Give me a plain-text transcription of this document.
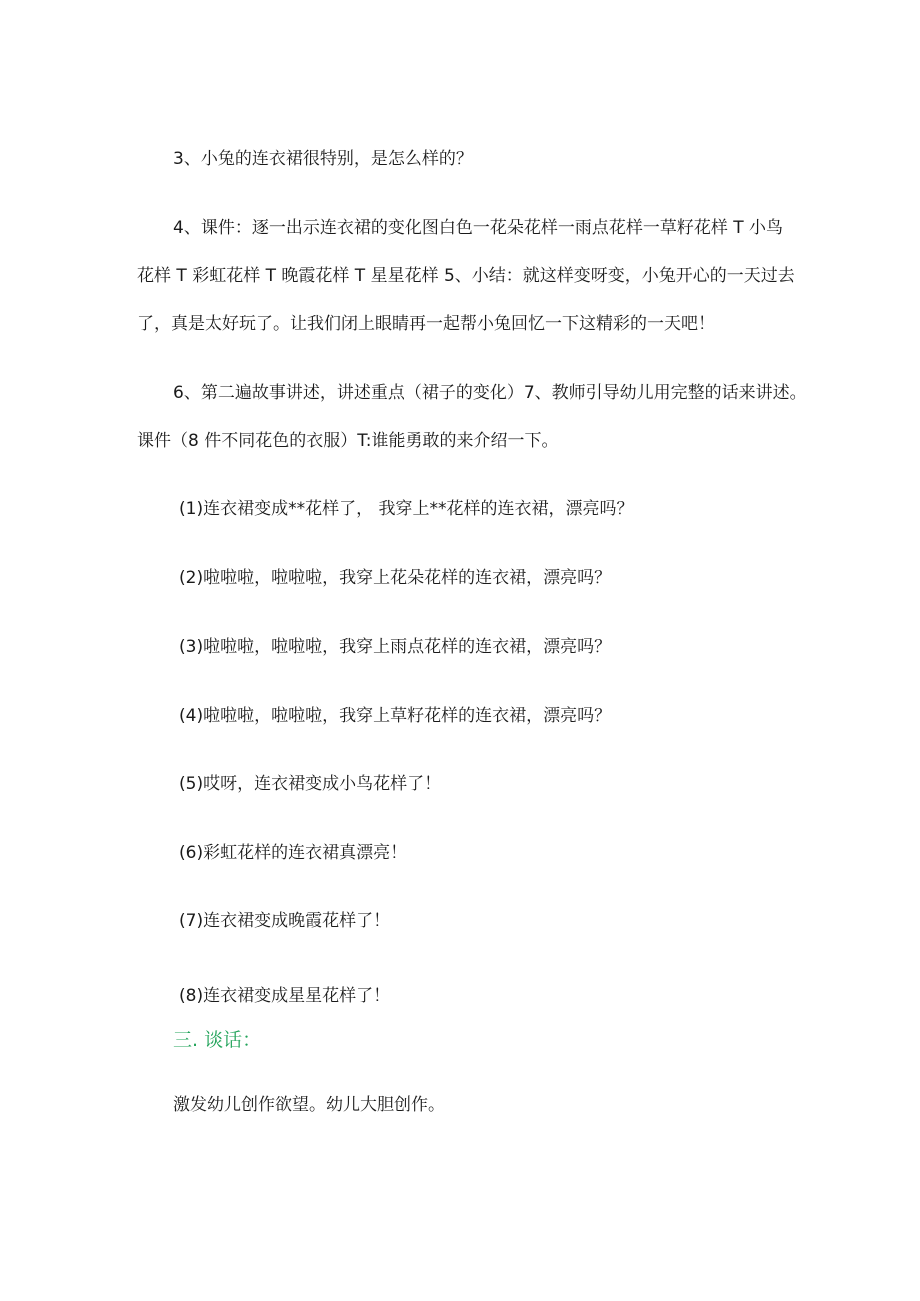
3、小兔的连衣裙很特别，是怎么样的？
4、课件：逐一出示连衣裙的变化图白色一花朵花样一雨点花样一草籽花样 T 小鸟
花样 T 彩虹花样 T 晚霞花样 T 星星花样 5、小结：就这样变呀变，小兔开心的一天过去
了，真是太好玩了。让我们闭上眼睛再一起帮小兔回忆一下这精彩的一天吧！
6、第二遍故事讲述，讲述重点（裙子的变化）7、教师引导幼儿用完整的话来讲述。
课件（8 件不同花色的衣服）T:谁能勇敢的来介绍一下。
(1)连衣裙变成**花样了， 我穿上**花样的连衣裙，漂亮吗？
(2)啦啦啦，啦啦啦，我穿上花朵花样的连衣裙，漂亮吗？
(3)啦啦啦，啦啦啦，我穿上雨点花样的连衣裙，漂亮吗？
(4)啦啦啦，啦啦啦，我穿上草籽花样的连衣裙，漂亮吗？
(5)哎呀，连衣裙变成小鸟花样了！
(6)彩虹花样的连衣裙真漂亮！
(7)连衣裙变成晚霞花样了！
(8)连衣裙变成星星花样了！
三. 谈话：
激发幼儿创作欲望。幼儿大胆创作。
